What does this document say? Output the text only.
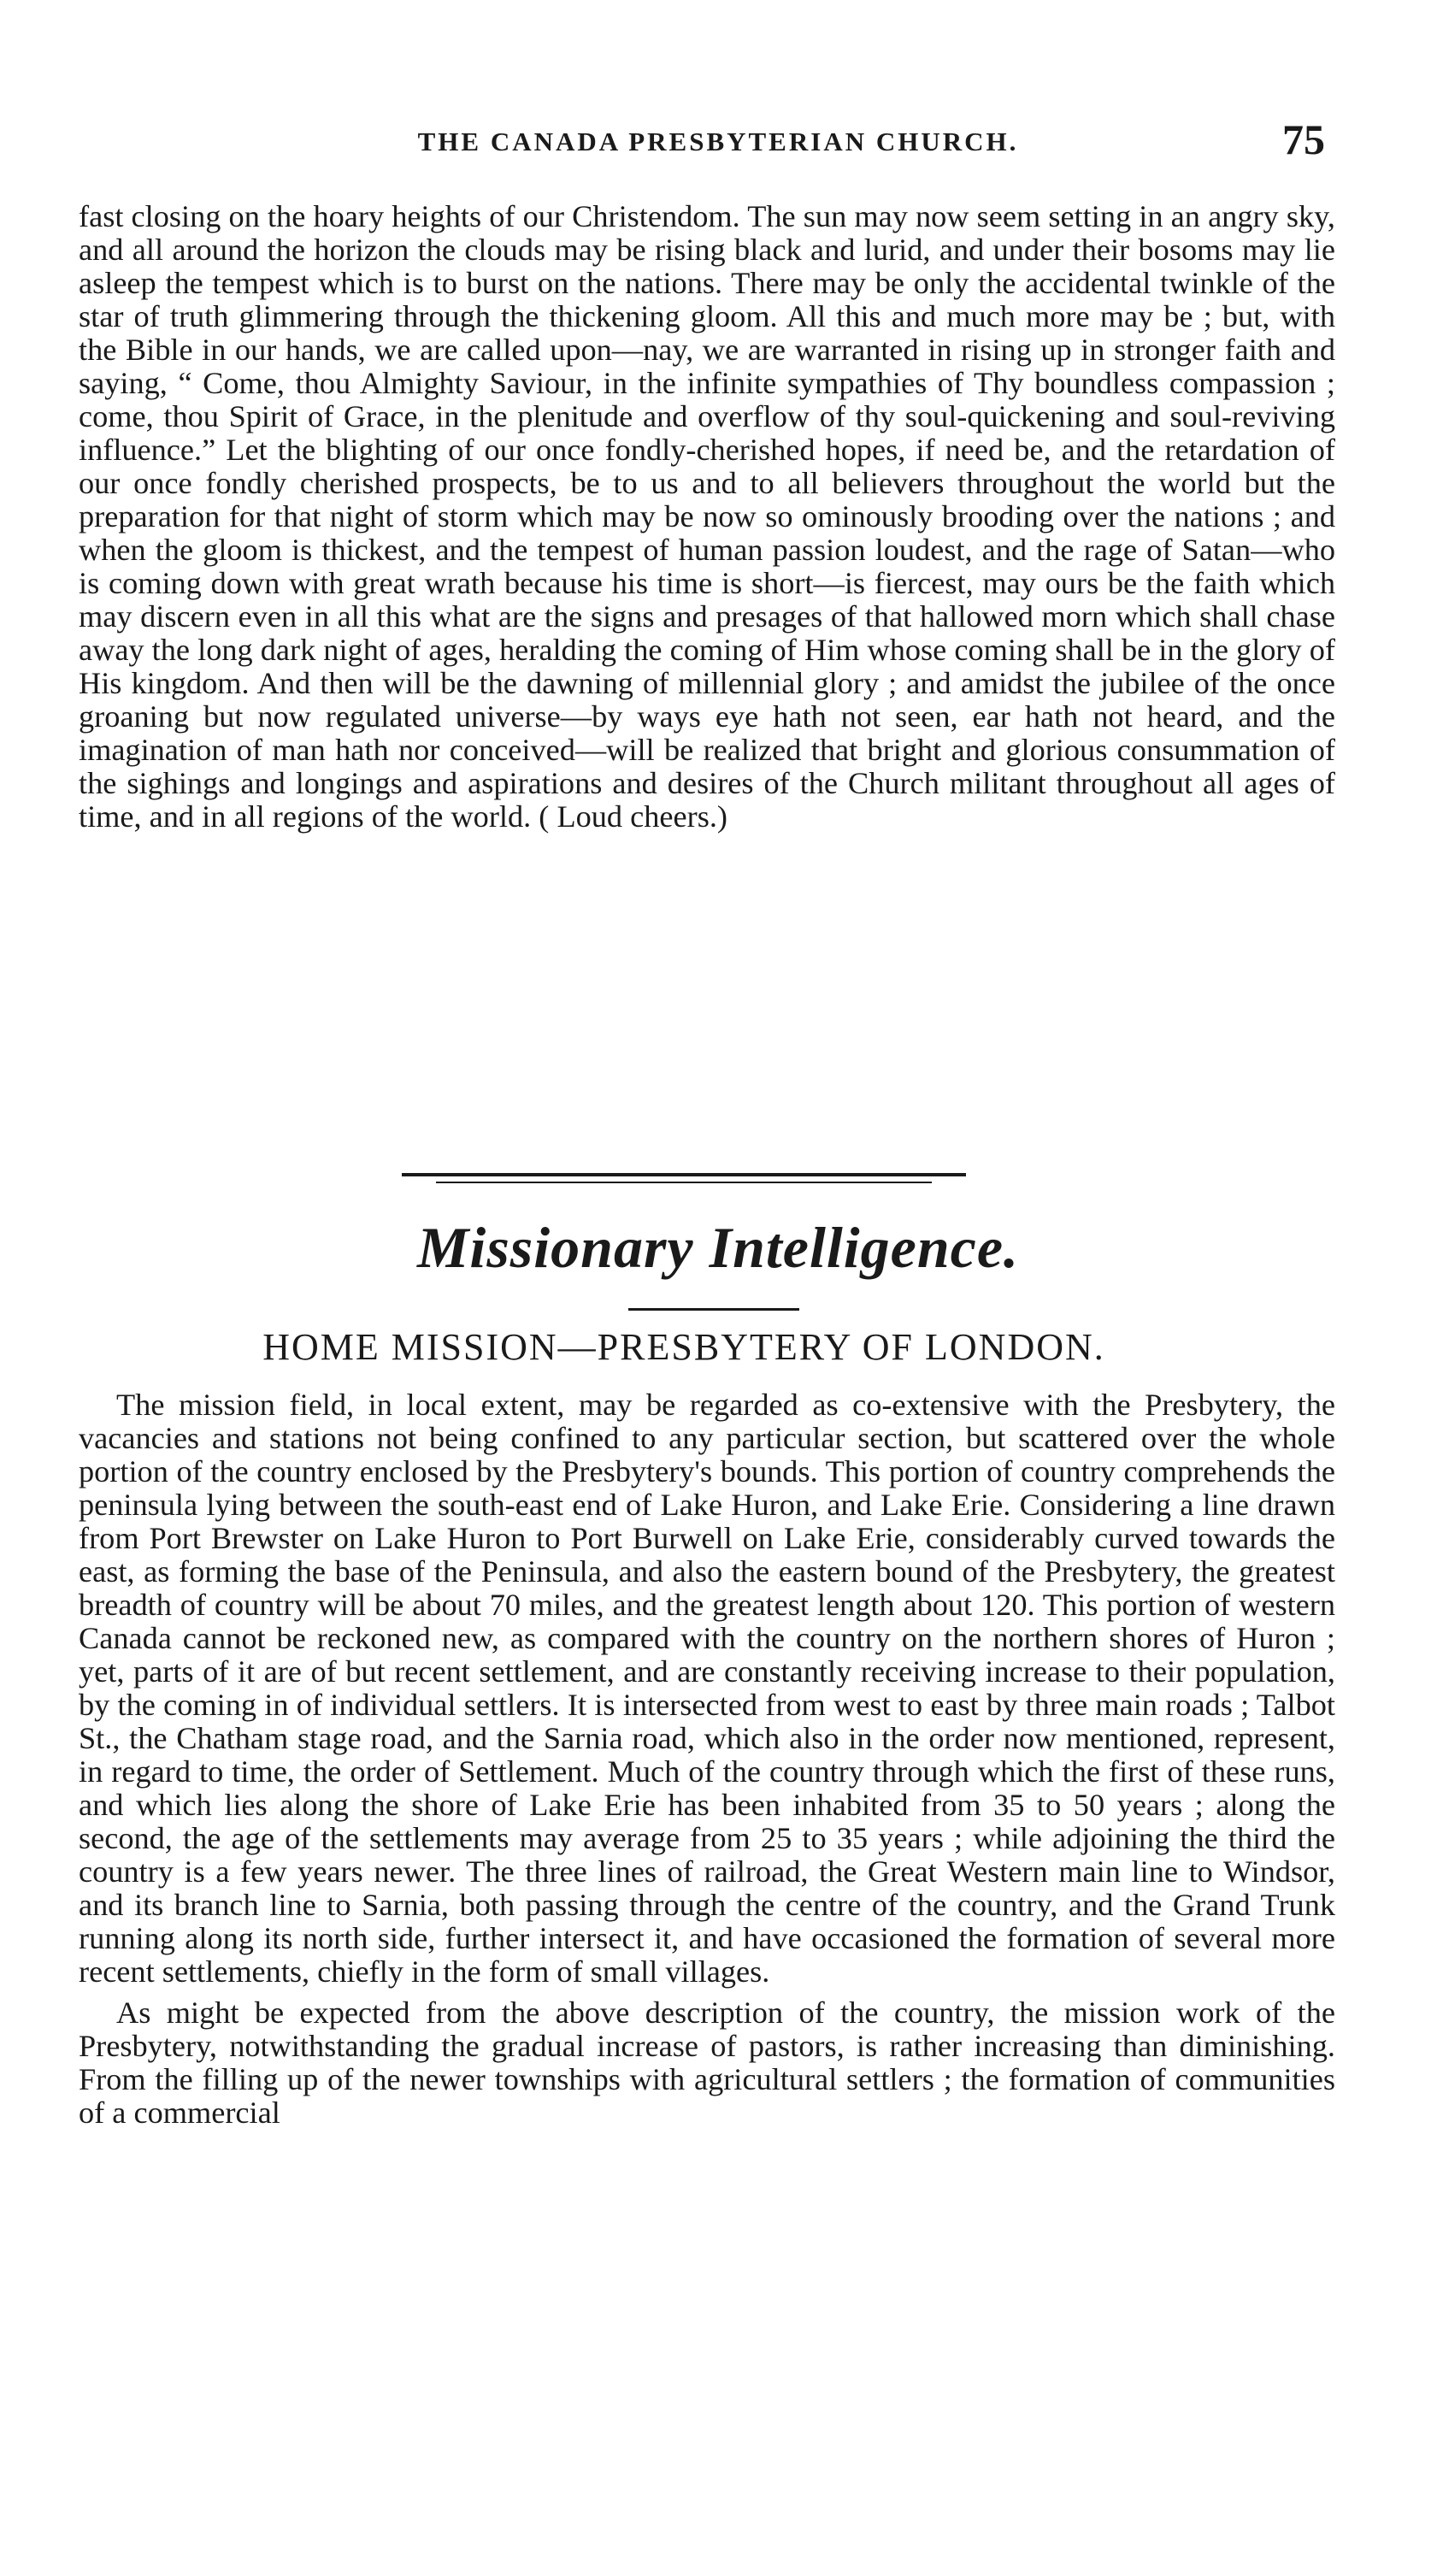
THE CANADA PRESBYTERIAN CHURCH.	75

fast closing on the hoary heights of our Christendom. The sun may now seem setting in an angry sky, and all around the horizon the clouds may be rising black and lurid, and under their bosoms may lie asleep the tempest which is to burst on the nations. There may be only the accidental twinkle of the star of truth glimmering through the thickening gloom. All this and much more may be ; but, with the Bible in our hands, we are called upon—nay, we are warranted in rising up in stronger faith and saying, “ Come, thou Almighty Saviour, in the infinite sympathies of Thy boundless compassion ; come, thou Spirit of Grace, in the plenitude and overflow of thy soul-quickening and soul-reviving influence.” Let the blighting of our once fondly-cherished hopes, if need be, and the retardation of our once fondly cherished prospects, be to us and to all believers throughout the world but the preparation for that night of storm which may be now so ominously brooding over the nations ; and when the gloom is thickest, and the tempest of human passion loudest, and the rage of Satan—who is coming down with great wrath because his time is short—is fiercest, may ours be the faith which may discern even in all this what are the signs and presages of that hallowed morn which shall chase away the long dark night of ages, heralding the coming of Him whose coming shall be in the glory of His kingdom. And then will be the dawning of millennial glory ; and amidst the jubilee of the once groaning but now regulated universe—by ways eye hath not seen, ear hath not heard, and the imagination of man hath nor conceived—will be realized that bright and glorious consummation of the sighings and longings and aspirations and desires of the Church militant throughout all ages of time, and in all regions of the world. ( Loud cheers.)

Missionary Intelligence.
HOME MISSION—PRESBYTERY OF LONDON.

The mission field, in local extent, may be regarded as co-extensive with the Presbytery, the vacancies and stations not being confined to any particular section, but scattered over the whole portion of the country enclosed by the Presbytery's bounds. This portion of country comprehends the peninsula lying between the south-east end of Lake Huron, and Lake Erie. Considering a line drawn from Port Brewster on Lake Huron to Port Burwell on Lake Erie, considerably curved towards the east, as forming the base of the Peninsula, and also the eastern bound of the Presbytery, the greatest breadth of country will be about 70 miles, and the greatest length about 120. This portion of western Canada cannot be reckoned new, as compared with the country on the northern shores of Huron ; yet, parts of it are of but recent settlement, and are constantly receiving increase to their population, by the coming in of individual settlers. It is intersected from west to east by three main roads ; Talbot St., the Chatham stage road, and the Sarnia road, which also in the order now mentioned, represent, in regard to time, the order of Settlement. Much of the country through which the first of these runs, and which lies along the shore of Lake Erie has been inhabited from 35 to 50 years ; along the second, the age of the settlements may average from 25 to 35 years ; while adjoining the third the country is a few years newer. The three lines of railroad, the Great Western main line to Windsor, and its branch line to Sarnia, both passing through the centre of the country, and the Grand Trunk running along its north side, further intersect it, and have occasioned the formation of several more recent settlements, chiefly in the form of small villages.

As might be expected from the above description of the country, the mission work of the Presbytery, notwithstanding the gradual increase of pastors, is rather increasing than diminishing. From the filling up of the newer townships with agricultural settlers ; the formation of communities of a commercial
